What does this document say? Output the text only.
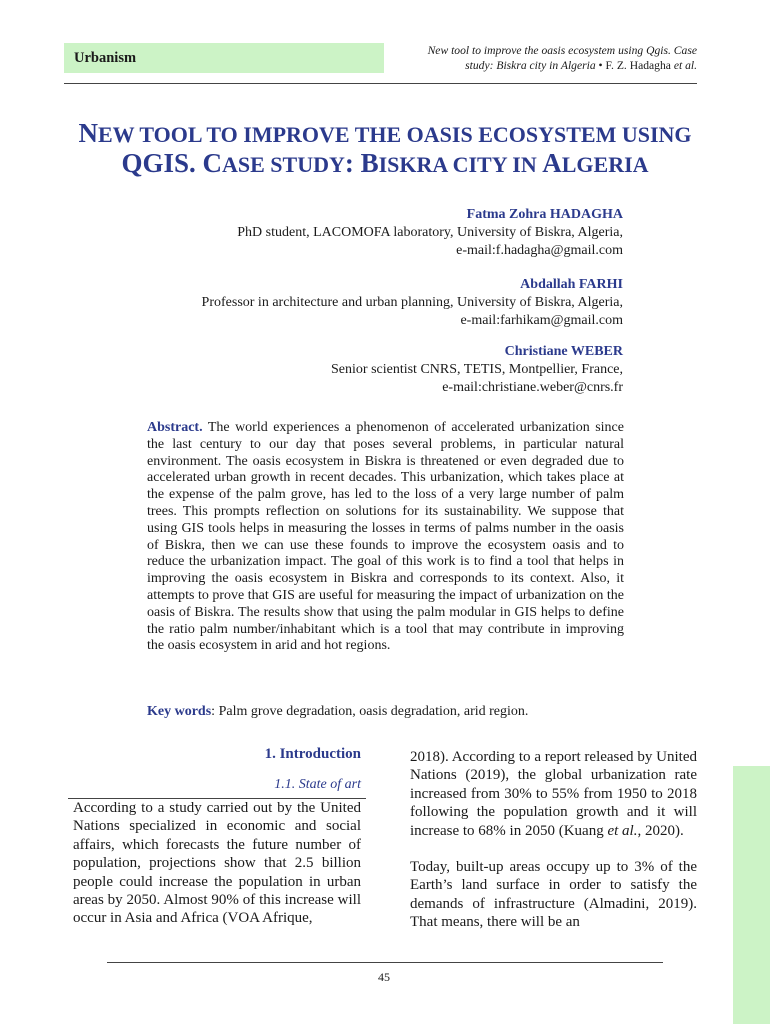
Urbanism	New tool to improve the oasis ecosystem using Qgis. Case
study: Biskra city in Algeria • F. Z. Hadagha et al.
NEW TOOL TO IMPROVE THE OASIS ECOSYSTEM USING
QGIS. CASE STUDY: BISKRA CITY IN ALGERIA
Fatma Zohra HADAGHA
PhD student, LACOMOFA laboratory, University of Biskra, Algeria,
e-mail:f.hadagha@gmail.com
Abdallah FARHI
Professor in architecture and urban planning, University of Biskra, Algeria,
e-mail:farhikam@gmail.com
Christiane WEBER
Senior scientist CNRS, TETIS, Montpellier, France,
e-mail:christiane.weber@cnrs.fr
Abstract. The world experiences a phenomenon of accelerated urbanization since the last century to our day that poses several problems, in particular natural environment. The oasis ecosystem in Biskra is threatened or even degraded due to accelerated urban growth in recent decades. This urbanization, which takes place at the expense of the palm grove, has led to the loss of a very large number of palm trees. This prompts reflection on solutions for its sustainability. We suppose that using GIS tools helps in measuring the losses in terms of palms number in the oasis of Biskra, then we can use these founds to improve the ecosystem oasis and to reduce the urbanization impact. The goal of this work is to find a tool that helps in improving the oasis ecosystem in Biskra and corresponds to its context. Also, it attempts to prove that GIS are useful for measuring the impact of urbanization on the oasis of Biskra. The results show that using the palm modular in GIS helps to define the ratio palm number/inhabitant which is a tool that may contribute in improving the oasis ecosystem in arid and hot regions.
Key words: Palm grove degradation, oasis degradation, arid region.
1. Introduction
1.1. State of art

According to a study carried out by the United Nations specialized in economic and social affairs, which forecasts the future number of population, projections show that 2.5 billion people could increase the population in urban areas by 2050. Almost 90% of this increase will occur in Asia and Africa (VOA Afrique,

2018). According to a report released by United Nations (2019), the global urbanization rate increased from 30% to 55% from 1950 to 2018 following the population growth and it will increase to 68% in 2050 (Kuang et al., 2020).

Today, built-up areas occupy up to 3% of the Earth’s land surface in order to satisfy the demands of infrastructure (Almadini, 2019). That means, there will be an

45
